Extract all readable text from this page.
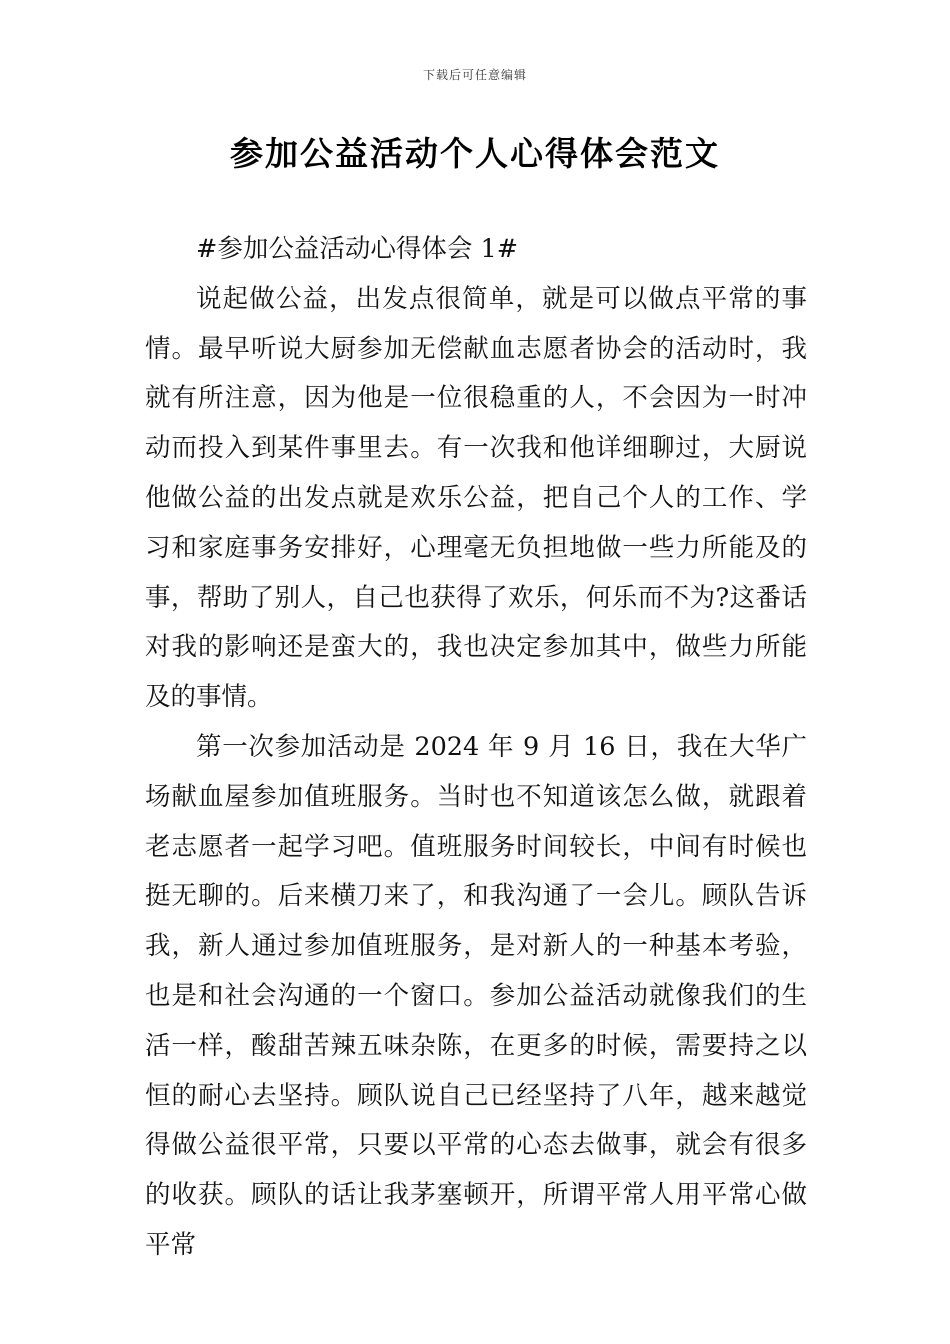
下载后可任意编辑
参加公益活动个人心得体会范文

#参加公益活动心得体会 1#

说起做公益，出发点很简单，就是可以做点平常的事情。最早听说大厨参加无偿献血志愿者协会的活动时，我就有所注意，因为他是一位很稳重的人，不会因为一时冲动而投入到某件事里去。有一次我和他详细聊过，大厨说他做公益的出发点就是欢乐公益，把自己个人的工作、学习和家庭事务安排好，心理毫无负担地做一些力所能及的事，帮助了别人，自己也获得了欢乐，何乐而不为?这番话对我的影响还是蛮大的，我也决定参加其中，做些力所能及的事情。

第一次参加活动是 2024 年 9 月 16 日，我在大华广场献血屋参加值班服务。当时也不知道该怎么做，就跟着老志愿者一起学习吧。值班服务时间较长，中间有时候也挺无聊的。后来横刀来了，和我沟通了一会儿。顾队告诉我，新人通过参加值班服务，是对新人的一种基本考验，也是和社会沟通的一个窗口。参加公益活动就像我们的生活一样，酸甜苦辣五味杂陈，在更多的时候，需要持之以恒的耐心去坚持。顾队说自己已经坚持了八年，越来越觉得做公益很平常，只要以平常的心态去做事，就会有很多的收获。顾队的话让我茅塞顿开，所谓平常人用平常心做平常
